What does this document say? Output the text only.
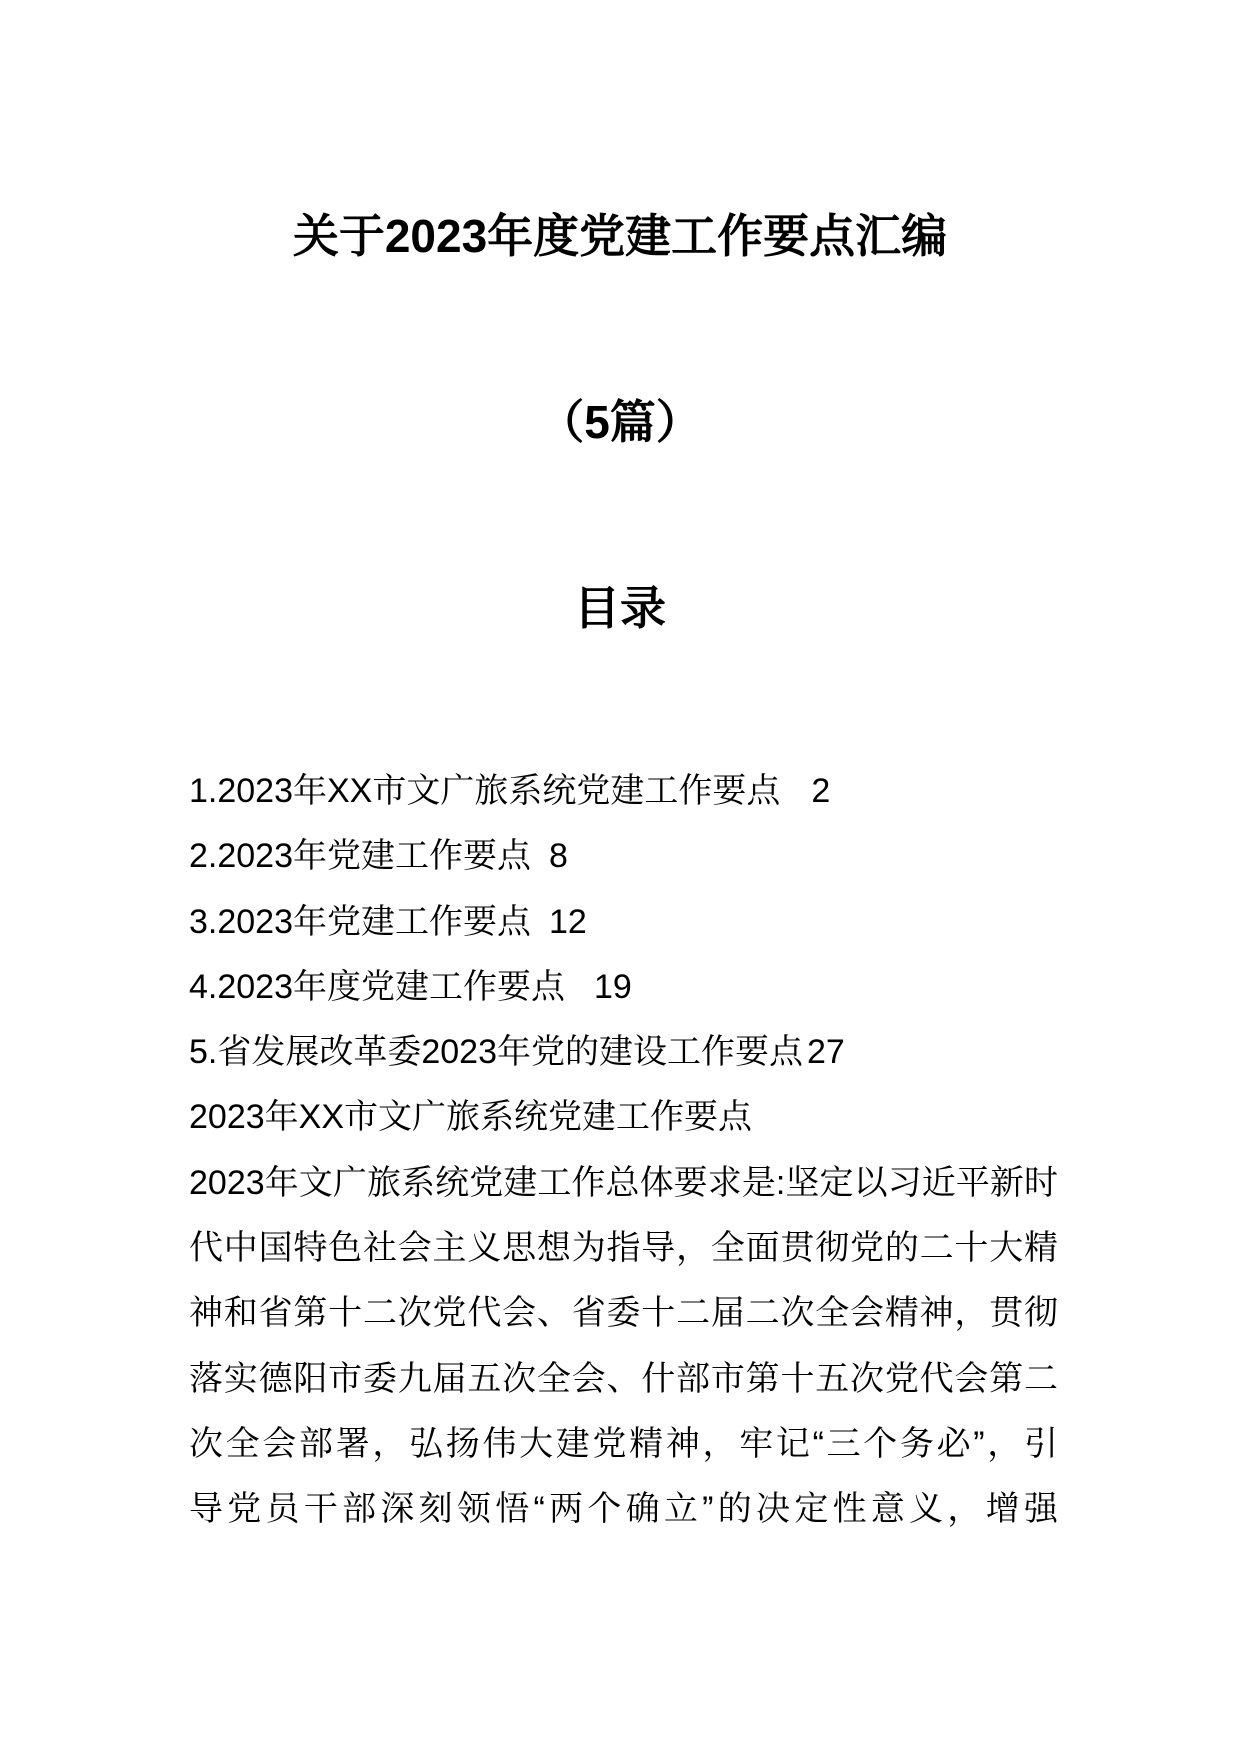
关于2023年度党建工作要点汇编
（5篇）
目录
1.2023年XX市文广旅系统党建工作要点 2
2.2023年党建工作要点 8
3.2023年党建工作要点 12
4.2023年度党建工作要点 19
5.省发展改革委2023年党的建设工作要点 27
2023年XX市文广旅系统党建工作要点
2023年文广旅系统党建工作总体要求是:坚定以习近平新时
代中国特色社会主义思想为指导，全面贯彻党的二十大精
神和省第十二次党代会、省委十二届二次全会精神，贯彻
落实德阳市委九届五次全会、什部市第十五次党代会第二
次全会部署，弘扬伟大建党精神，牢记“三个务必”，引
导党员干部深刻领悟“两个确立”的决定性意义，增强
